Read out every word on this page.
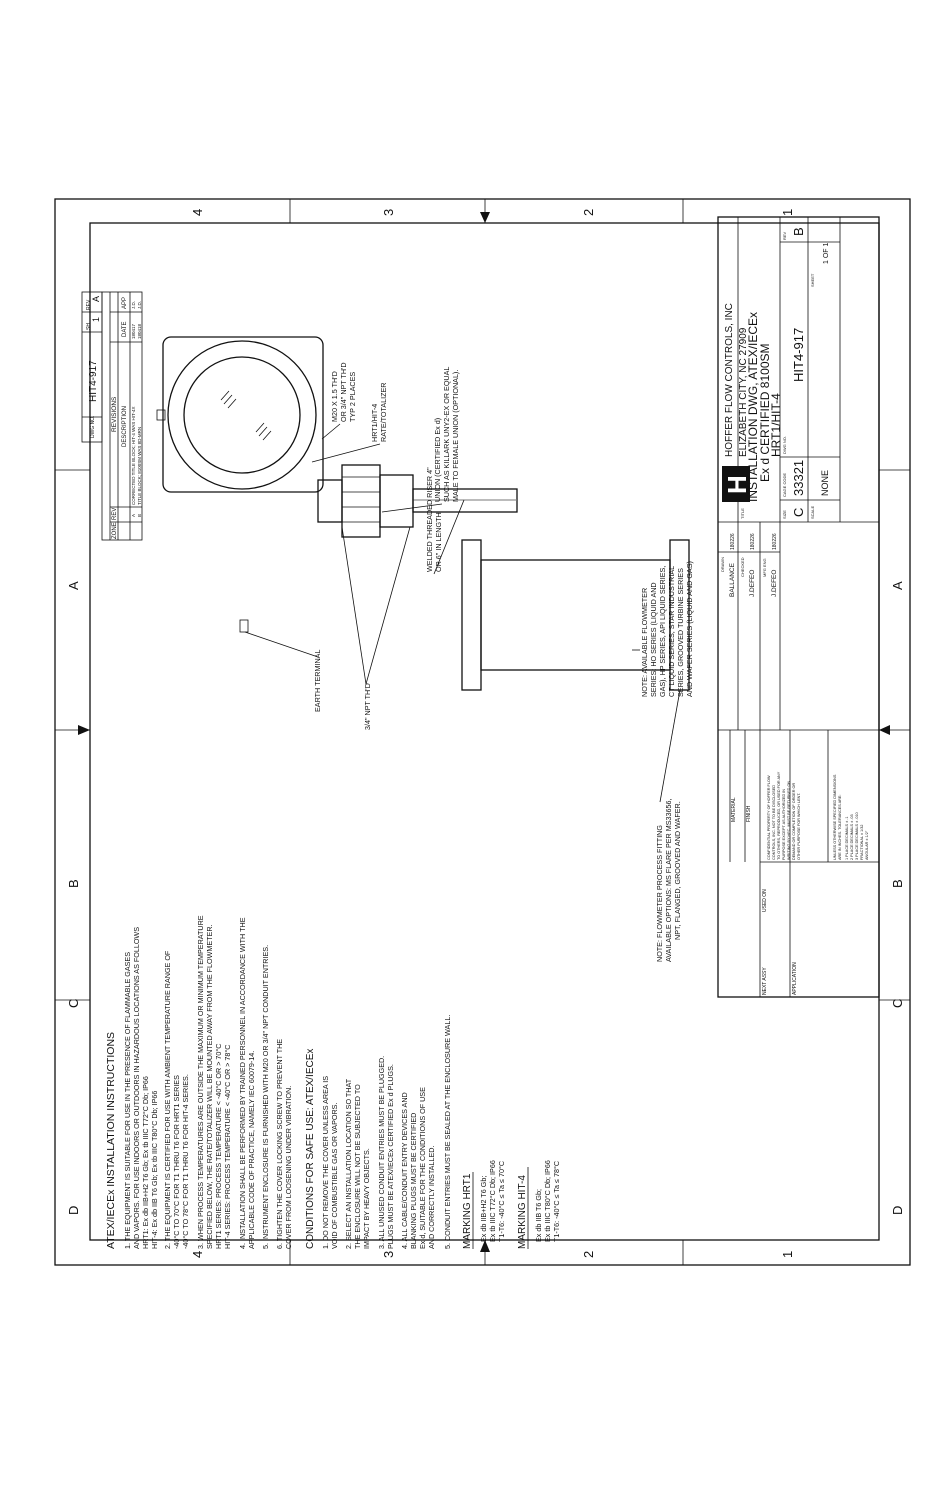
D
C
B
A
D
C
B
A
4	3	2	1
4	3	2	1
ATEX/IECEx INSTALLATION INSTRUCTIONS 1. THE EQUIPMENT IS SUITABLE FOR USE IN THE PRESENCE OF FLAMMABLE GASES AND VAPORS. FOR USE INDOORS OR OUTDOORS IN HAZARDOUS LOCATIONS AS FOLLOWS HRT1: Ex db IIB+H2 T6 Gb; Ex tb IIIC T72°C Db; IP66 HIT-4: Ex db IIB T6 Gb; Ex tb IIIC T80°C Db; IP66 2. THE EQUIPMENT IS CERTIFIED FOR USE WITH AMBIENT TEMPERATURE RANGE OF -40°C TO 70°C FOR T1 THRU T6 FOR HRT1 SERIES -40°C TO 78°C FOR T1 THRU T6 FOR HIT-4 SERIES. 3. WHEN PROCESS TEMPERATURES ARE OUTSIDE THE MAXIMUM OR MINIMUM TEMPERATURE SPECIFIED BELOW, THE RATE/TOTALIZER WILL BE MOUNTED AWAY FROM THE FLOWMETER. HRT1 SERIES: PROCESS TEMPERATURE < -40°C OR > 70°C HIT-4 SERIES: PROCESS TEMPERATURE < -40°C OR > 78°C 4. INSTALLATION SHALL BE PERFORMED BY TRAINED PERSONNEL IN ACCORDANCE WITH THE APPLICABLE CODE OF PRACTICE, NAMELY IEC 60079-14. 5. INSTRUMENT ENCLOSURE IS FURNISHED WITH M20 OR 3/4" NPT CONDUIT ENTRIES. 6. TIGHTEN THE COVER LOCKING SCREW TO PREVENT THE COVER FROM LOOSENING UNDER VIBRATION. CONDITIONS FOR SAFE USE: ATEX/IECEx 1. DO NOT REMOVE THE COVER UNLESS AREA IS VOID OF COMBUSTIBLE GAS OR VAPORS. 2. SELECT AN INSTALLATION LOCATION SO THAT THE ENCLOSURE WILL NOT BE SUBJECTED TO IMPACT BY HEAVY OBJECTS. 3. ALL UNUSED CONDUIT ENTRIES MUST BE PLUGGED. PLUGS MUST BE ATEX/IECEx CERTIFIED Ex d PLUGS. 4. ALL CABLE/CONDUIT ENTRY DEVICES AND BLANKING PLUGS MUST BE CERTIFIED Ex d, SUITABLE FOR THE CONDITIONS OF USE AND CORRECTLY INSTALLED. 5. CONDUIT ENTRIES MUST BE SEALED AT THE ENCLOSURE WALL. MARKING HRT1 Ex db IIB+H2 T6 Gb; Ex tb IIIC T72°C Db; IP66 T1-T6: -40°C ≤ Ta ≤ 70°C MARKING HIT-4 Ex db IIB T6 Gb; Ex tb IIIC T80°C Db; IP66 T1-T6: -40°C ≤ Ta ≤ 78°C
M20 X 1.5 TH'D OR 3/4" NPT TH'D TYP 2 PLACES
HRT1/HIT-4 RATE/TOTALIZER
UNION (CERTIFIED Ex d) SUCH AS KILLARK UNY2-EX OR EQUAL MALE TO FEMALE UNION (OPTIONAL).
WELDED THREADED RISER 4" OR 6" IN LENGTH
EARTH TERMINAL	3/4" NPT TH'D
NOTE: AVAILABLE FLOWMETER SERIES: HO SERIES (LIQUID AND GAS), HP SERIES, API LIQUID SERIES, CT LIQUID SERIES, STAR INDUSTRIAL SERIES, GROOVED TURBINE SERIES AND WAFER SERIES (LIQUID AND GAS)
NOTE: FLOWMETER PROCESS FITTING AVAILABLE OPTIONS: MS FLARE PER MS33656, NPT, FLANGED, GROOVED AND WAFER.
DWG NO.
HIT4-917
SH
1
REV
A
REVISIONS
ZONE
REV
DESCRIPTION
DATE
APP
A
CORRECTED TITLE BLOCK; HIT-4 WAS HIT-4X
180417
J.D.
B
TITLE BLOCK; 8100SM WAS 8D-MRN
180418
J.D.
NEXT ASSY
USED ON
APPLICATION
CONFIDENTIAL PROPERTY OF HOFFER FLOW CONTROLS, INC. NOT TO BE DISCLOSED TO OTHERS, REPRODUCED, OR USED FOR ANY PURPOSE EXCEPT AS AUTHORIZED IN WRITING BY HFC. MUST BE RETURNED ON DEMAND OR COMPLETION OF ORDER OR OTHER PURPOSE FOR WHICH LENT.	UNLESS OTHERWISE SPECIFIED DIMENSIONS ARE IN INCHES. TOLERANCES ARE: 1 PLACE DECIMALS ± .1 2 PLACE DECIMALS ± .03 3 PLACE DECIMALS ± .010 FRACTIONAL ± 1/32 ANGULAR ± 1/2°
MATERIAL FINISH
DRAWN BALLANCE
180226
CHECKED
J.DEFEO
180226
MFG ENG
J.DEFEO
180226
H
HOFFER FLOW CONTROLS, INC ELIZABETH CITY, NC 27909
TITLE
INSTALLATION DWG, ATEX/IECEx
Ex d CERTIFIED 8100SM
HRT1/HIT-4
SIZE C
CAGE CODE 33321
DWG NO.
HIT4-917
REV B
SCALE
NONE
SHEET
1 OF 1
